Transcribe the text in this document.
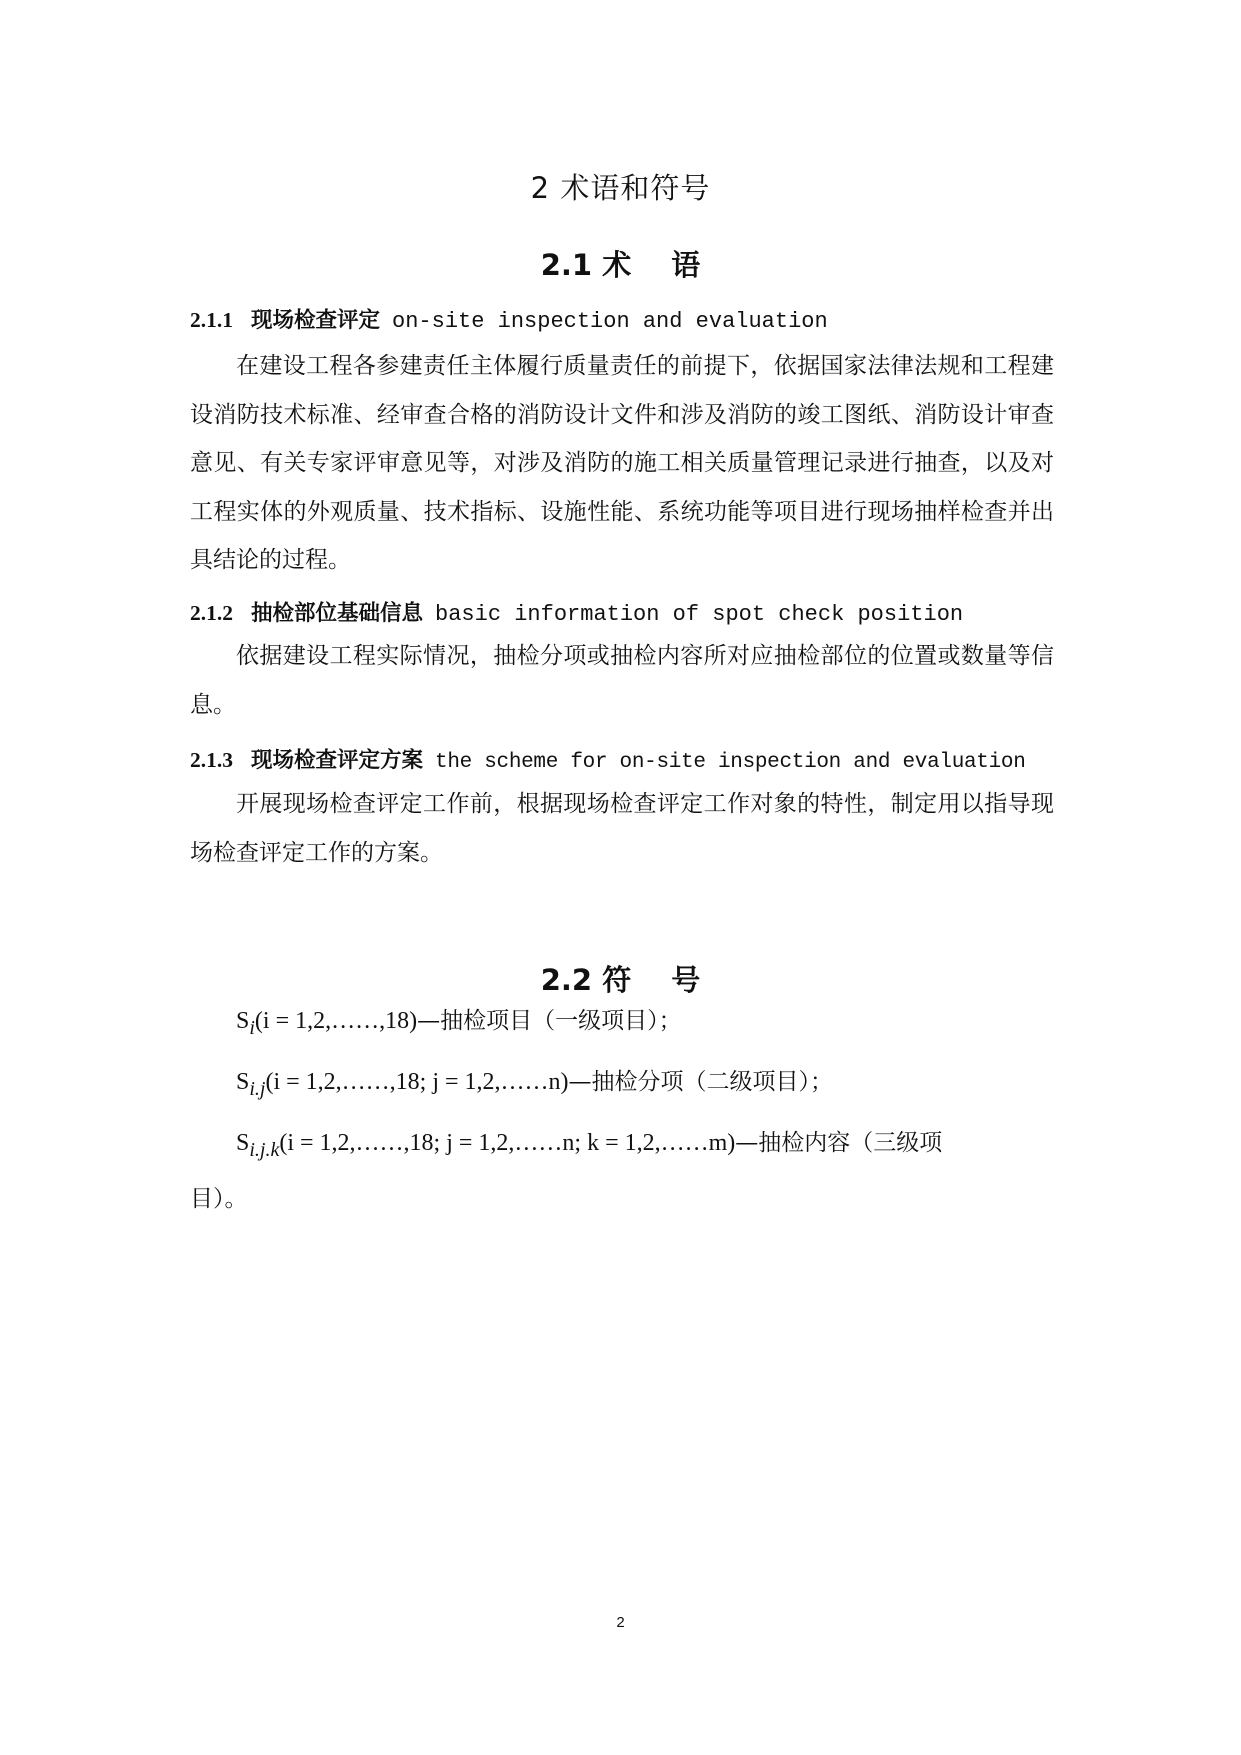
2 术语和符号
2.1 术 语
2.1.1 现场检查评定 on-site inspection and evaluation
在建设工程各参建责任主体履行质量责任的前提下，依据国家法律法规和工程建设消防技术标准、经审查合格的消防设计文件和涉及消防的竣工图纸、消防设计审查意见、有关专家评审意见等，对涉及消防的施工相关质量管理记录进行抽查，以及对工程实体的外观质量、技术指标、设施性能、系统功能等项目进行现场抽样检查并出具结论的过程。
2.1.2 抽检部位基础信息 basic information of spot check position
依据建设工程实际情况，抽检分项或抽检内容所对应抽检部位的位置或数量等信息。
2.1.3 现场检查评定方案 the scheme for on-site inspection and evaluation
开展现场检查评定工作前，根据现场检查评定工作对象的特性，制定用以指导现场检查评定工作的方案。
2.2 符 号
$S_i(i$ = 1,2,……,18)—抽检项目（一级项目）；
$S_{i.j}(i$ = 1,2,……,18; j = 1,2,……n)—抽检分项（二级项目）；
$S_{i.j.k}(i$ = 1,2,……,18; j = 1,2,……n; k = 1,2,……m)—抽检内容（三级项
目）。
2
